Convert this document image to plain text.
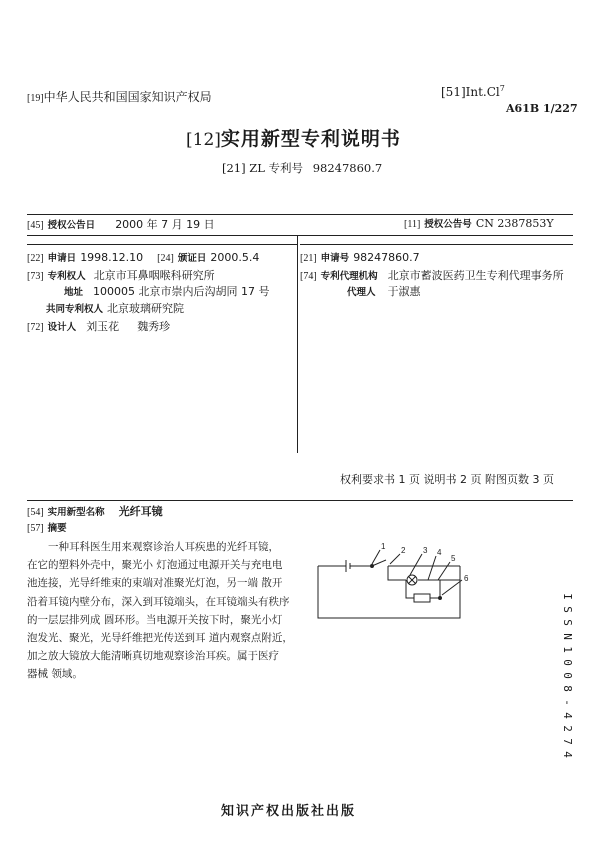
[19]中华人民共和国国家知识产权局	[51]Int.Cl$^7$
A61B 1/227
[12]实用新型专利说明书
[21] ZL 专利号 98247860.7
[45] 授权公告日 2000 年 7 月 19 日	[11] 授权公告号 CN 2387853Y
[22] 申请日 1998.12.10 [24] 颁证日 2000.5.4
[73] 专利权人 北京市耳鼻咽喉科研究所
地址 100005 北京市崇内后沟胡同 17 号
共同专利权人 北京玻璃研究院
[72] 设计人 刘玉花 魏秀珍
[21] 申请号 98247860.7
[74] 专利代理机构 北京市蓄波医药卫生专利代理事务所
代理人 于淑惠
权利要求书 1 页 说明书 2 页 附图页数 3 页
[54] 实用新型名称 光纤耳镜
[57] 摘要

一种耳科医生用来观察诊治人耳疾患的光纤耳镜，

在它的塑料外壳中，聚光小 灯泡通过电源开关与充电电

池连接，光导纤维束的束端对准聚光灯泡，另一端 散开

沿着耳镜内壁分布，深入到耳镜端头，在耳镜端头有秩序

的一层层排列成 圆环形。当电源开关按下时，聚光小灯

泡发光、聚光，光导纤维把光传送到耳 道内观察点附近，

加之放大镜放大能清晰真切地观察诊治耳疾。属于医疗

器械 领域。

1 2 3 4
5
6
I
S
S
N
1
0
0
8
-
4
2
7
4
知识产权出版社出版
